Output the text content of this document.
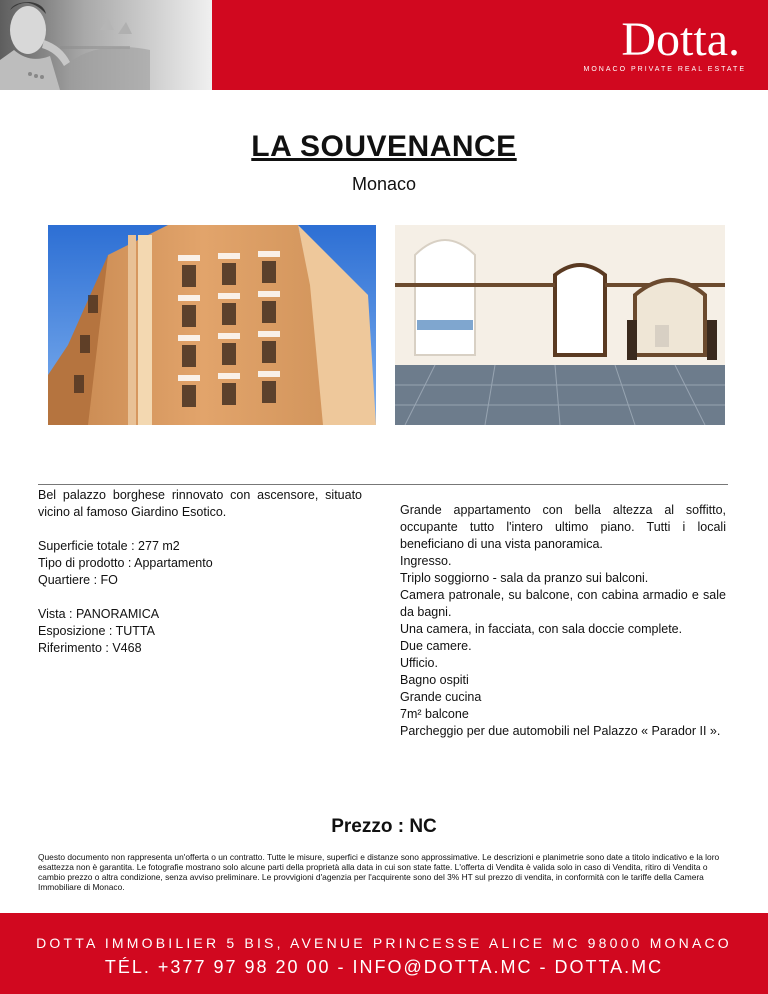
Dotta.
MONACO PRIVATE REAL ESTATE
LA SOUVENANCE
Monaco

Bel palazzo borghese rinnovato con ascensore, situato vicino al famoso Giardino Esotico.

Superficie totale : 277 m2
Tipo di prodotto : Appartamento
Quartiere : FO
Vista : PANORAMICA
Esposizione : TUTTA
Riferimento : V468

Grande appartamento con bella altezza al soffitto, occupante tutto l'intero ultimo piano. Tutti i locali beneficiano di una vista panoramica.

Ingresso.
Triplo soggiorno - sala da pranzo sui balconi.

Camera patronale, su balcone, con cabina armadio e sale da bagni.

Una camera, in facciata, con sala doccie complete.
Due camere.
Ufficio.
Bagno ospiti
Grande cucina
7m² balcone

Parcheggio per due automobili nel Palazzo « Parador II ».

Prezzo : NC
Questo documento non rappresenta un'offerta o un contratto. Tutte le misure, superfici e distanze sono approssimative. Le descrizioni e planimetrie sono date a titolo indicativo e la loro esattezza non è garantita. Le fotografie mostrano solo alcune parti della proprietà alla data in cui son state fatte. L'offerta di Vendita è valida solo in caso di Vendita, ritiro di Vendita o cambio prezzo o altra condizione, senza avviso preliminare. Le provvigioni d'agenzia per l'acquirente sono del 3% HT sul prezzo di vendita, in conformità con le tariffe della Camera Immobiliare di Monaco.
DOTTA IMMOBILIER 5 BIS, AVENUE PRINCESSE ALICE MC 98000 MONACO
TÉL. +377 97 98 20 00 - INFO@DOTTA.MC - DOTTA.MC
